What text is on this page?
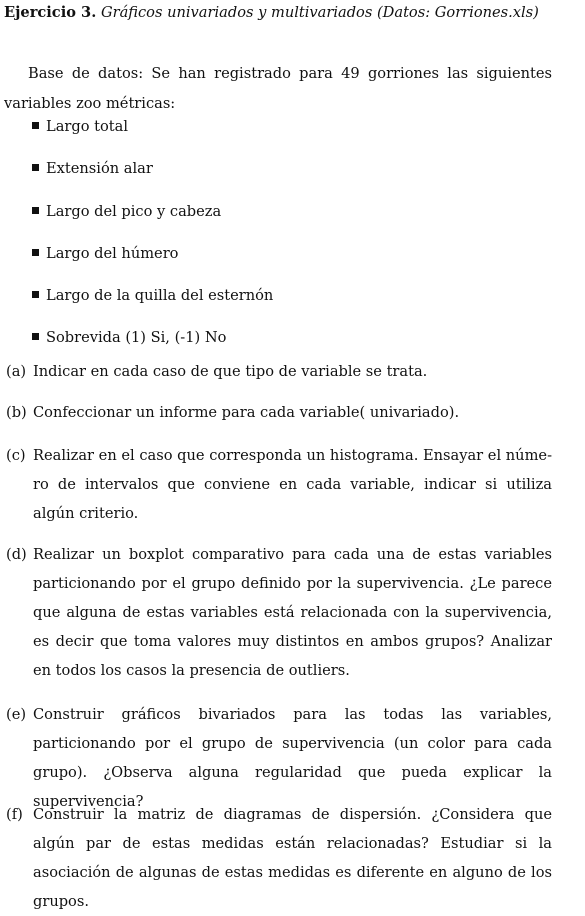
Ejercicio 3. Gráficos univariados y multivariados (Datos: Gorriones.xls)

Base de datos: Se han registrado para 49 gorriones las siguientes variables zoo métricas:

Largo total
Extensión alar
Largo del pico y cabeza
Largo del húmero
Largo de la quilla del esternón
Sobrevida (1) Si, (-1) No
(a) Indicar en cada caso de que tipo de variable se trata.
(b) Confeccionar un informe para cada variable( univariado).
(c) Realizar en el caso que corresponda un histograma. Ensayar el número de intervalos que conviene en cada variable, indicar si utiliza algún criterio.
(d) Realizar un boxplot comparativo para cada una de estas variables particionando por el grupo definido por la supervivencia. ¿Le parece que alguna de estas variables está relacionada con la supervivencia, es decir que toma valores muy distintos en ambos grupos? Analizar en todos los casos la presencia de outliers.
(e) Construir gráficos bivariados para las todas las variables, particionando por el grupo de supervivencia (un color para cada grupo). ¿Observa alguna regularidad que pueda explicar la supervivencia?
(f) Construir la matriz de diagramas de dispersión. ¿Considera que algún par de estas medidas están relacionadas? Estudiar si la asociación de algunas de estas medidas es diferente en alguno de los grupos.
